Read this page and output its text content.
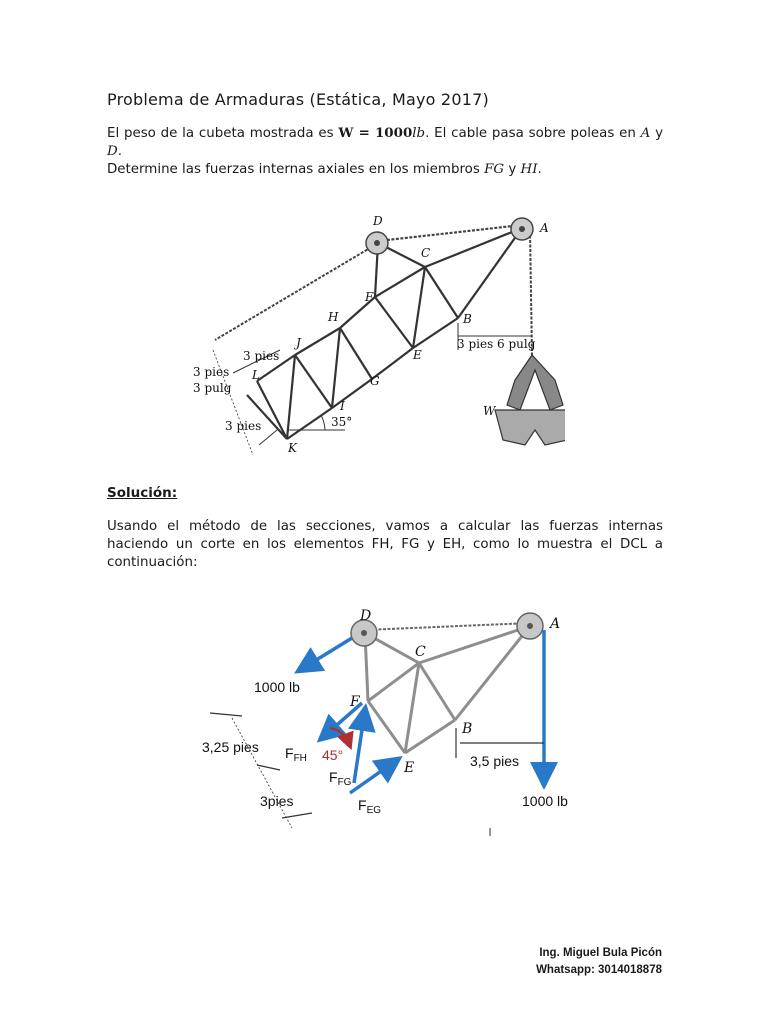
Problema de Armaduras (Estática, Mayo 2017)
El peso de la cubeta mostrada es W = 1000lb. El cable pasa sobre poleas en A y D.
Determine las fuerzas internas axiales en los miembros FG y HI.
D	A
C
F
B
H
E
J
G
L
I
K
W
3 pies 6 pulg
3 pies
3 pies
3 pulg
3 pies	35°
Solución:
Usando el método de las secciones, vamos a calcular las fuerzas internas haciendo un corte en los elementos FH, FG y EH, como lo muestra el DCL a continuación:
D	A
C
F
B
E
1000 lb
1000 lb
3,25 pies
3pies
3,5 pies
45°
$F_{FH}$
$F_{FG}$
$F_{EG}$
Ing. Miguel Bula Picón
Whatsapp: 3014018878
